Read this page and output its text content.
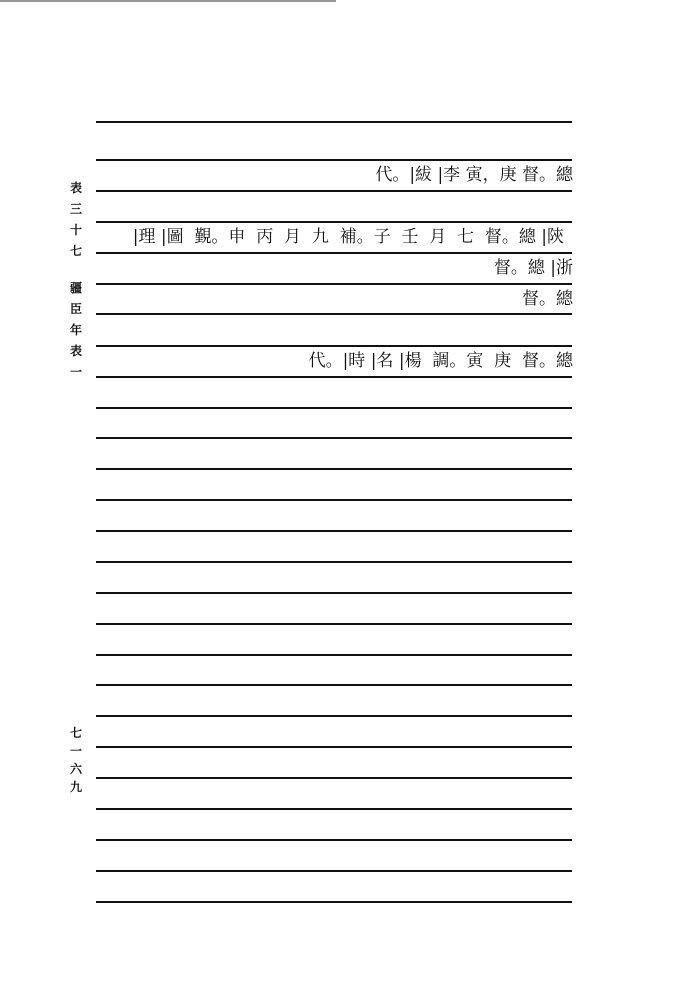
表
三
十
七
疆
臣
年
表
一
七
一
六
九
代。|紱 |李 寅，庚 督。總
|理 |圖  覲。申  丙  月  九  補。子  壬  月  七  督。總 |陝
督。總 |浙
督。總
代。|時 |名 |楊  調。寅  庚  督。總
